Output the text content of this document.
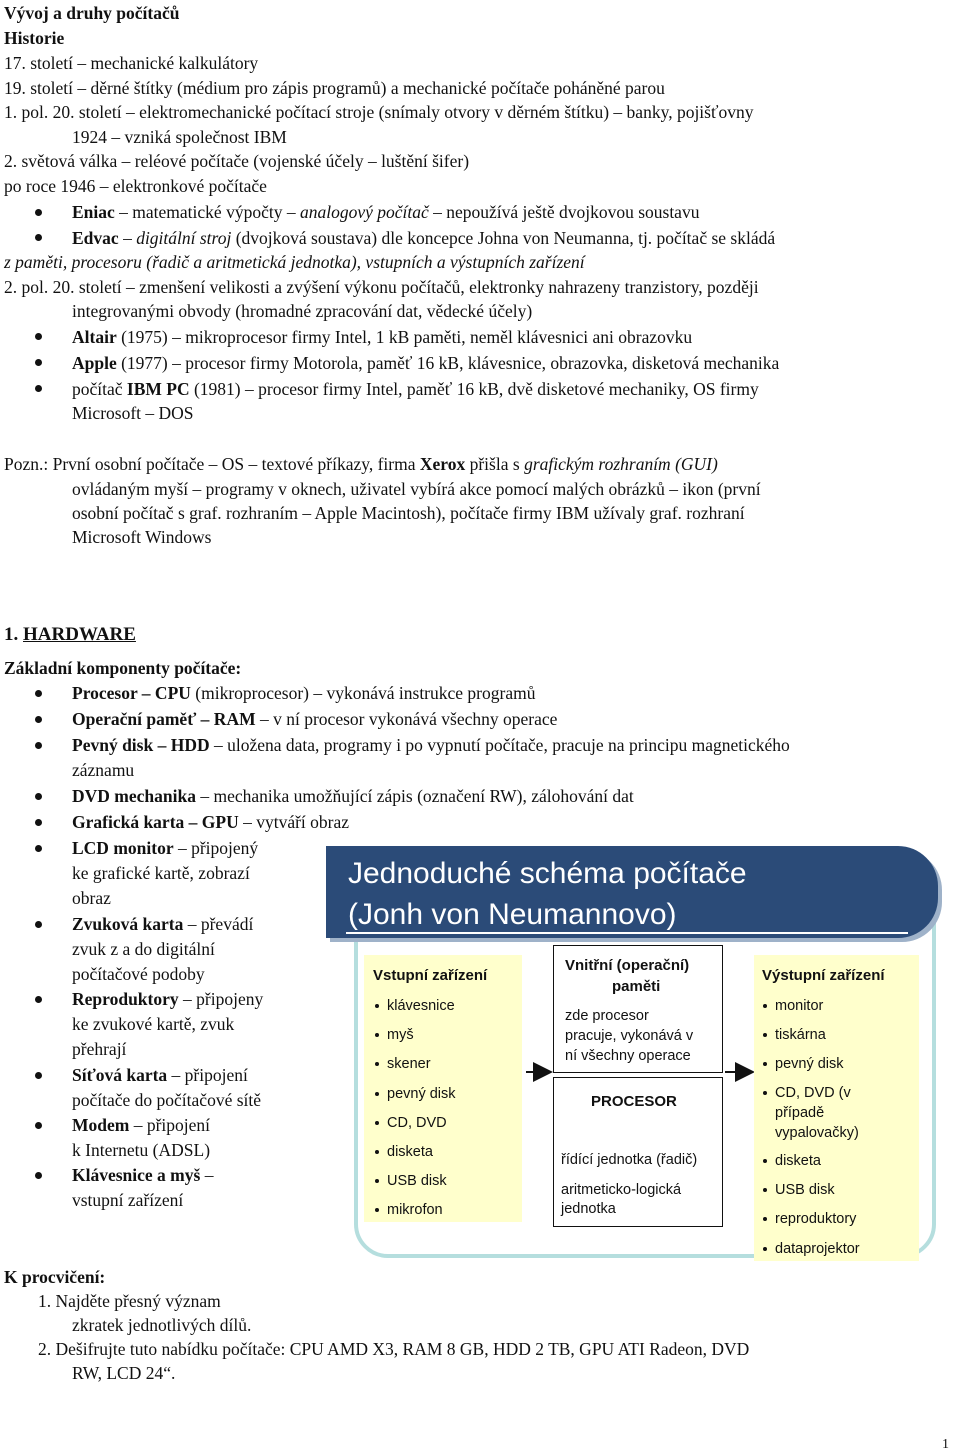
Vývoj a druhy počítačů
Historie
17. století – mechanické kalkulátory
19. století – děrné štítky (médium pro zápis programů) a mechanické počítače poháněné parou
1. pol. 20. století – elektromechanické počítací stroje (snímaly otvory v děrném štítku) – banky, pojišťovny
1924 – vzniká společnost IBM
2. světová válka – reléové počítače (vojenské účely – luštění šifer)
po roce 1946 – elektronkové počítače
Eniac – matematické výpočty – analogový počítač – nepoužívá ještě dvojkovou soustavu
Edvac – digitální stroj (dvojková soustava) dle koncepce Johna von Neumanna, tj. počítač se skládá
z paměti, procesoru (řadič a aritmetická jednotka), vstupních a výstupních zařízení
2. pol. 20. století – zmenšení velikosti a zvýšení výkonu počítačů, elektronky nahrazeny tranzistory, později
integrovanými obvody (hromadné zpracování dat, vědecké účely)
Altair (1975) – mikroprocesor firmy Intel, 1 kB paměti, neměl klávesnici ani obrazovku
Apple (1977) – procesor firmy Motorola, paměť 16 kB, klávesnice, obrazovka, disketová mechanika
počítač IBM PC (1981) – procesor firmy Intel, paměť 16 kB, dvě disketové mechaniky, OS firmy
Microsoft – DOS
Pozn.: První osobní počítače – OS – textové příkazy, firma Xerox přišla s grafickým rozhraním (GUI)
ovládaným myší – programy v oknech, uživatel vybírá akce pomocí malých obrázků – ikon (první
osobní počítač s graf. rozhraním – Apple Macintosh), počítače firmy IBM užívaly graf. rozhraní
Microsoft Windows
1. HARDWARE
Základní komponenty počítače:
Procesor – CPU (mikroprocesor) – vykonává instrukce programů
Operační paměť – RAM – v ní procesor vykonává všechny operace
Pevný disk – HDD – uložena data, programy i po vypnutí počítače, pracuje na principu magnetického
záznamu
DVD mechanika – mechanika umožňující zápis (označení RW), zálohování dat
Grafická karta – GPU – vytváří obraz
LCD monitor – připojený
ke grafické kartě, zobrazí
obraz
Zvuková karta – převádí
zvuk z a do digitální
počítačové podoby
Reproduktory – připojeny
ke zvukové kartě, zvuk
přehrají
Síťová karta – připojení
počítače do počítačové sítě
Modem – připojení
k Internetu (ADSL)
Klávesnice a myš –
vstupní zařízení
Jednoduché schéma počítače
(Jonh von Neumannovo)
Vstupní zařízení
klávesnice
myš
skener
pevný disk
CD, DVD
disketa
USB disk
mikrofon
Vnitřní (operační)
paměti
zde procesor
pracuje, vykonává v
ní všechny operace
PROCESOR
řídící jednotka (řadič)
aritmeticko-logická
jednotka
Výstupní zařízení
monitor
tiskárna
pevný disk
CD, DVD (v
případě
vypalovačky)
disketa
USB disk
reproduktory
dataprojektor
K procvičení:
1. Najděte přesný význam
zkratek jednotlivých dílů.
2. Dešifrujte tuto nabídku počítače: CPU AMD X3, RAM 8 GB, HDD 2 TB, GPU ATI Radeon, DVD
RW, LCD 24“.
1
